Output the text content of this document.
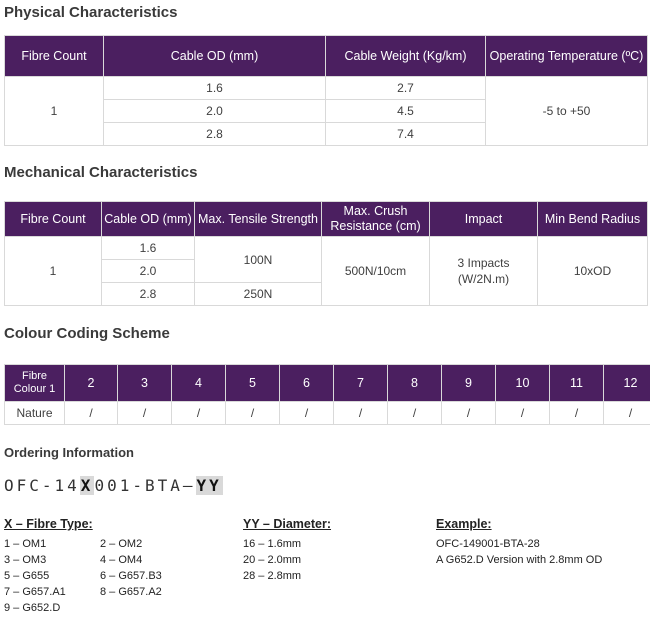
Physical Characteristics
Fibre Count	Cable OD (mm)	Cable Weight (Kg/km)	Operating Temperature (ºC)
1	1.6	2.7	-5 to +50
	2.0	4.5	
	2.8	7.4	
Mechanical Characteristics
Fibre Count	Cable OD (mm)	Max. Tensile Strength	Max. Crush Resistance (cm)	Impact	Min Bend Radius
1	1.6	100N	500N/10cm	3 Impacts (W/2N.m)	10xOD
	2.0				
	2.8	250N			
Colour Coding Scheme
Fibre Colour 1	2	3	4	5	6	7	8	9	10	11	12
Nature	/	/	/	/	/	/	/	/	/	/	/
Ordering Information
OFC-14X001-BTA–YY
X – Fibre Type:
1 – OM1	2 – OM2
3 – OM3	4 – OM4
5 – G655	6 – G657.B3
7 – G657.A1	8 – G657.A2
9 – G652.D
YY – Diameter:
16 – 1.6mm
20 – 2.0mm
28 – 2.8mm
Example:
OFC-149001-BTA-28
A G652.D Version with 2.8mm OD
